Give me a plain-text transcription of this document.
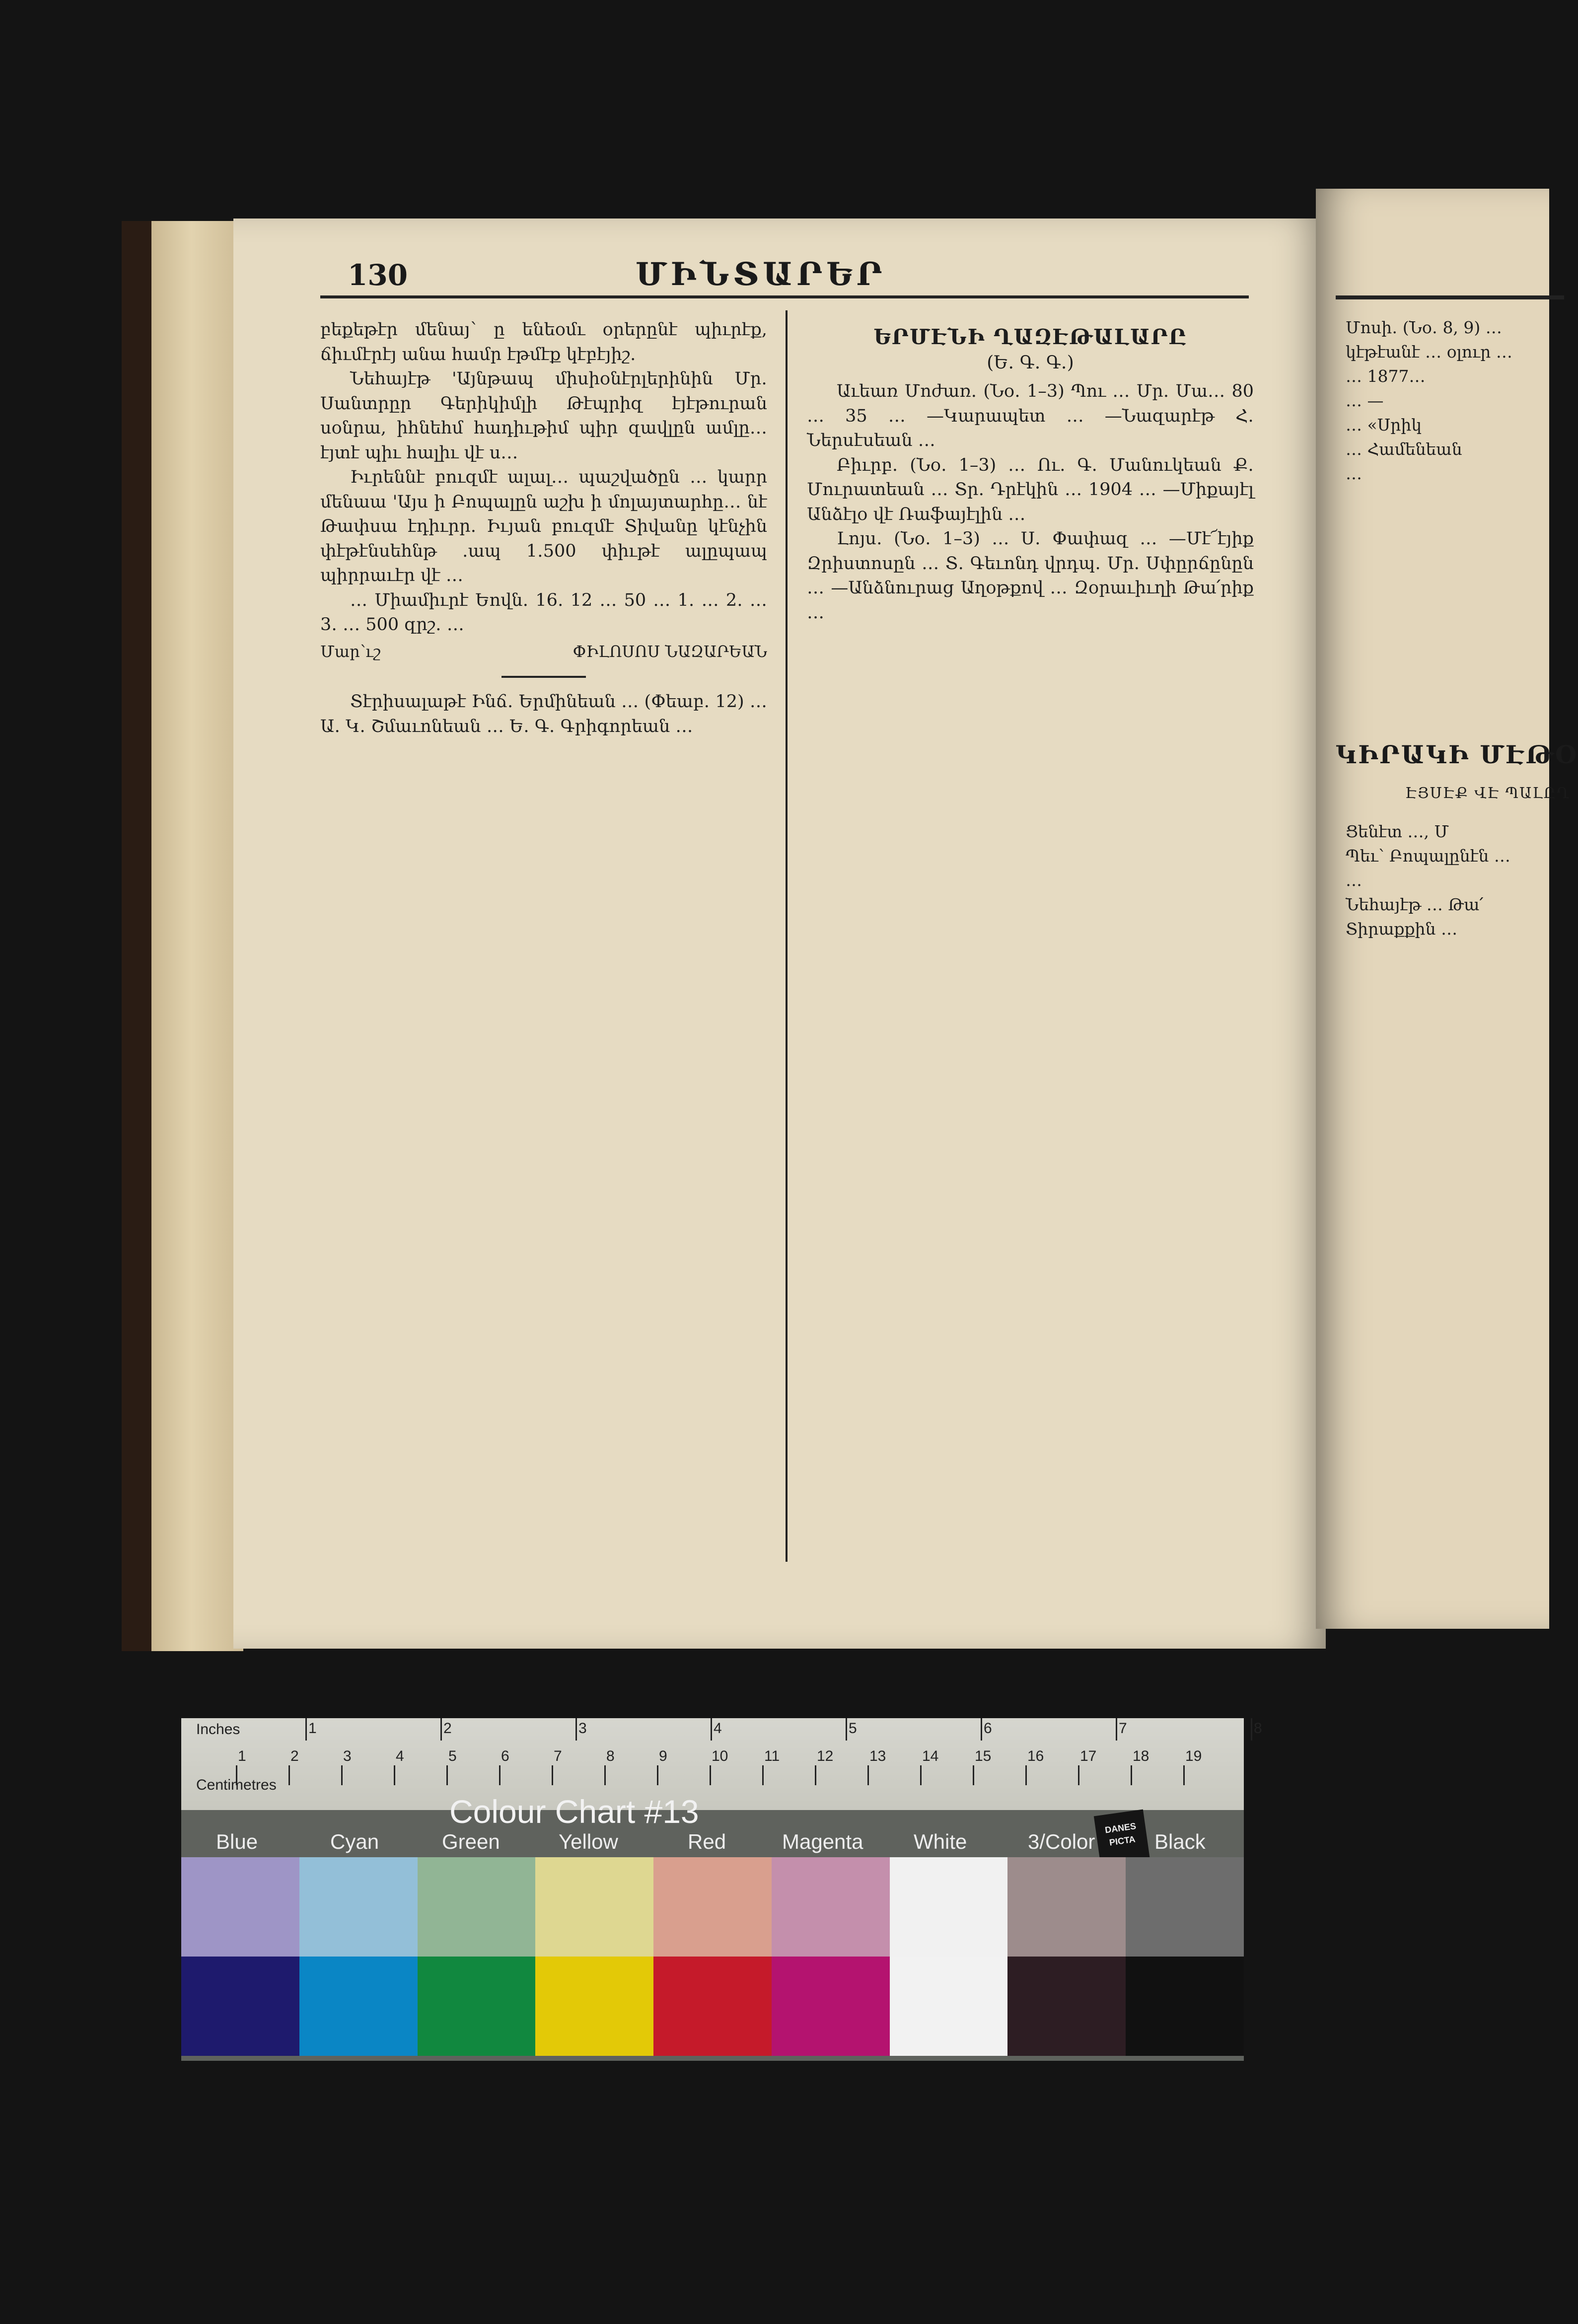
130	ՄԻՆՏԱՐԵՐ

բեքեթէր մենայ՝ ը ենեօմւ օրերընէ պիւրէք, ճիւմէրէյ անա համր էթմէք կէբէյիշ․

Նեհայէթ 'Այնթապ միսիօնէրլերինին Մր․ Սանտրըր Գերիկիմլի Թէպրիզ էյէթուրան սօնրա, իհնեհմ հադիւթիմ պիր զավլըն ամլը․․․ էյտէ պիւ հալիւ վէ ս․․․

Իւրեննէ բուզմէ ալալ․․․ պաշվածըն ․․․ կարր մենաա 'Այս ի Բոպալըն աշխ ի մոլայտարհը․․․ նէ Թափսա էդիւրր․ Իւյան բուզմէ Տիվանը կէնչին փէթէնսեհնթ ․ապ 1․500 փիւթէ ալըպապ պիրրաւէր վէ ․․․

․․․ Միամիւրէ Եովն․ 16․ 12 ․․․ 50 ․․․ 1․ ․․․ 2․ ․․․ 3․ ․․․ 500 զրշ․ ․․․

Մար՝ւշ	ՓԻԼՈՍՈՍ ՆԱԶԱՐԵԱՆ

Տէրիսալաթէ Ինճ․ Երմինեան ․․․ (Փեաբ․ 12) ․․․ Ա․ Կ․ Շմաւոնեան ․․․ Ե․ Գ․ Գրիգորեան ․․․

ԵՐՄԷՆԻ ՂԱԶԷԹԱԼԱՐԸ
(Ե․ Գ․ Գ․)

Աւեառ Մոժառ․ (Նօ․ 1–3) Պու ․․․ Մր․ Մա․․․ 80 ․․․ 35 ․․․ —Կարապետ ․․․ —Նազարէթ Հ․ Ներսէսեան ․․․

Բիւրբ․ (Նօ․ 1–3) ․․․ Ու․ Գ․ Մանուկեան Ք․ Մուրատեան ․․․ Տր․ Դրէկին ․․․ 1904 ․․․ —Միքայէլ Անձէլօ վէ Ռաֆայէլին ․․․

Լոյս․ (Նօ․ 1–3) ․․․ Ս․ Փափազ ․․․ —Մէ՜էյիք Զրիստոսըն ․․․ Տ․ Գեւոնդ վրդպ․ Մր․ Սփըրճընըն ․․․ —Անձնուրաց Աղօթքով ․․․ Զօրաւիւղի Թա՛րիք ․․․

Մոսի․ (Նօ․ 8, 9) ․․․
կէթէանէ ․․․ օլուր ․․․
․․․ 1877․․․
․․․ —
․․․ «Սրիկ
․․․ Համենեան
․․․
ԿԻՐԱԿԻ ՄԷԹՕ
ԷՅՍԷՔ ՎԷ ՊԱԼԸՂ
Ցենէտ ․․․, Մ
Պեւ՝ Բոպալընէն ․․․
․․․
Նեհայէթ ․․․ Թա՛
Տիրաքքին ․․․
Inches
Centimetres
1	2	3	4	5	6	7	8
1	2	3	4	5	6	7	8	9	10 11 12 13 14 15 16 17 18 19
Colour Chart #13	DANES PICTA
Blue	Cyan	Green	Yellow	Red	Magenta White	3/Color	Black
